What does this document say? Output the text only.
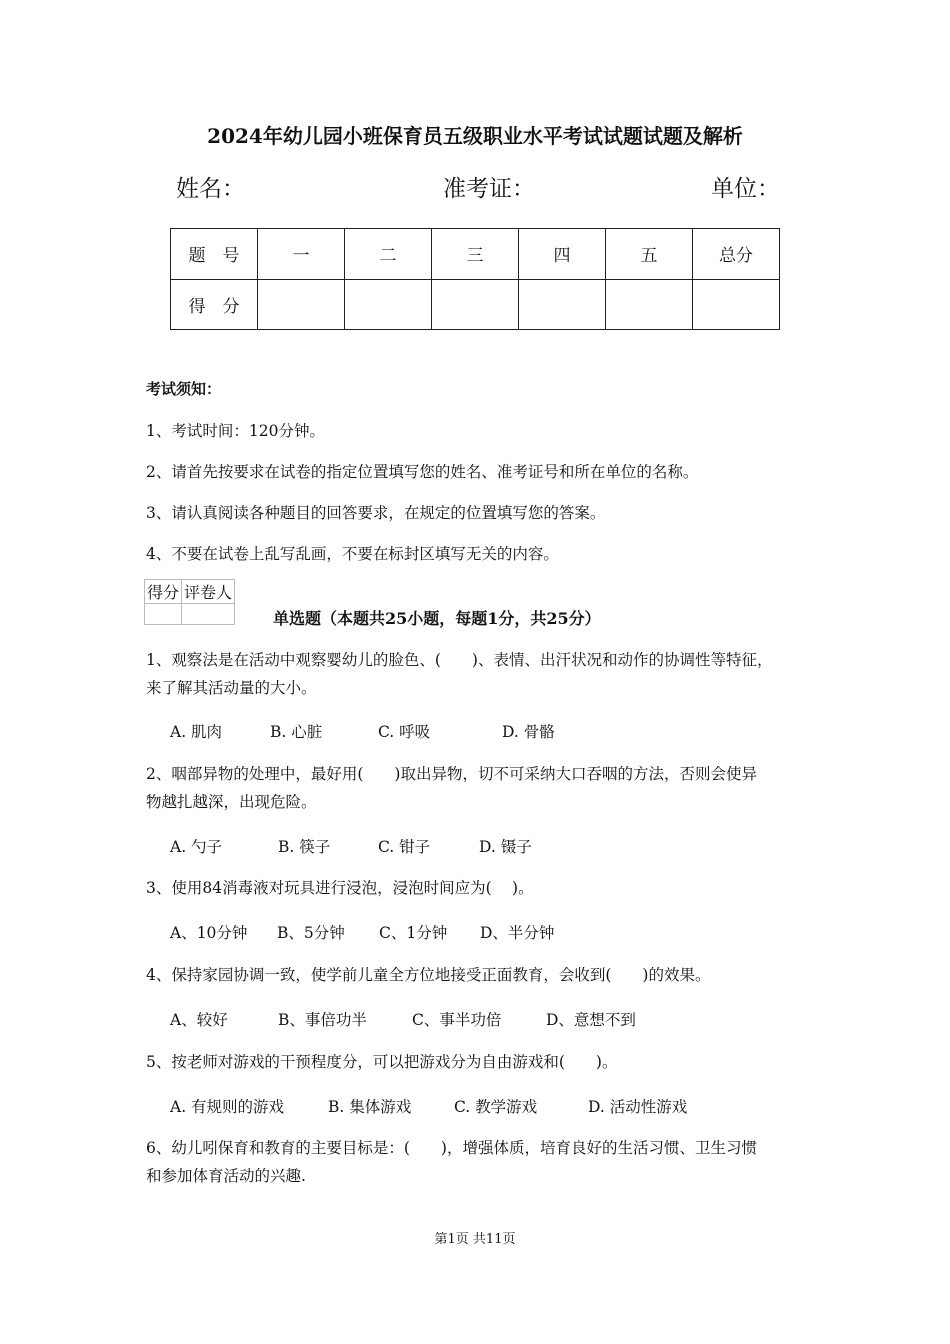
2024年幼儿园小班保育员五级职业水平考试试题试题及解析
姓名：	准考证：	单位：
题　号	一	二	三	四	五	总分
得　分						
考试须知：
1、考试时间：120分钟。
2、请首先按要求在试卷的指定位置填写您的姓名、准考证号和所在单位的名称。
3、请认真阅读各种题目的回答要求，在规定的位置填写您的答案。
4、不要在试卷上乱写乱画，不要在标封区填写无关的内容。
得分	评卷人

单选题（本题共25小题，每题1分，共25分）
1、观察法是在活动中观察婴幼儿的脸色、(　　)、表情、出汗状况和动作的协调性等特征，
来了解其活动量的大小。
A. 肌肉	B. 心脏	C. 呼吸	D. 骨骼
2、咽部异物的处理中，最好用(　　)取出异物，切不可采纳大口吞咽的方法，否则会使异
物越扎越深，出现危险。
A. 勺子	B. 筷子	C. 钳子	D. 镊子
3、使用84消毒液对玩具进行浸泡，浸泡时间应为(　 )。
A、10分钟 B、5分钟 C、1分钟 D、半分钟
4、保持家园协调一致，使学前儿童全方位地接受正面教育，会收到(　　)的效果。
A、较好	B、事倍功半	C、事半功倍	D、意想不到
5、按老师对游戏的干预程度分，可以把游戏分为自由游戏和(　　)。
A. 有规则的游戏	B. 集体游戏	C. 教学游戏	D. 活动性游戏
6、幼儿吲保育和教育的主要目标是：(　　)，增强体质，培育良好的生活习惯、卫生习惯
和参加体育活动的兴趣.
第1页 共11页
